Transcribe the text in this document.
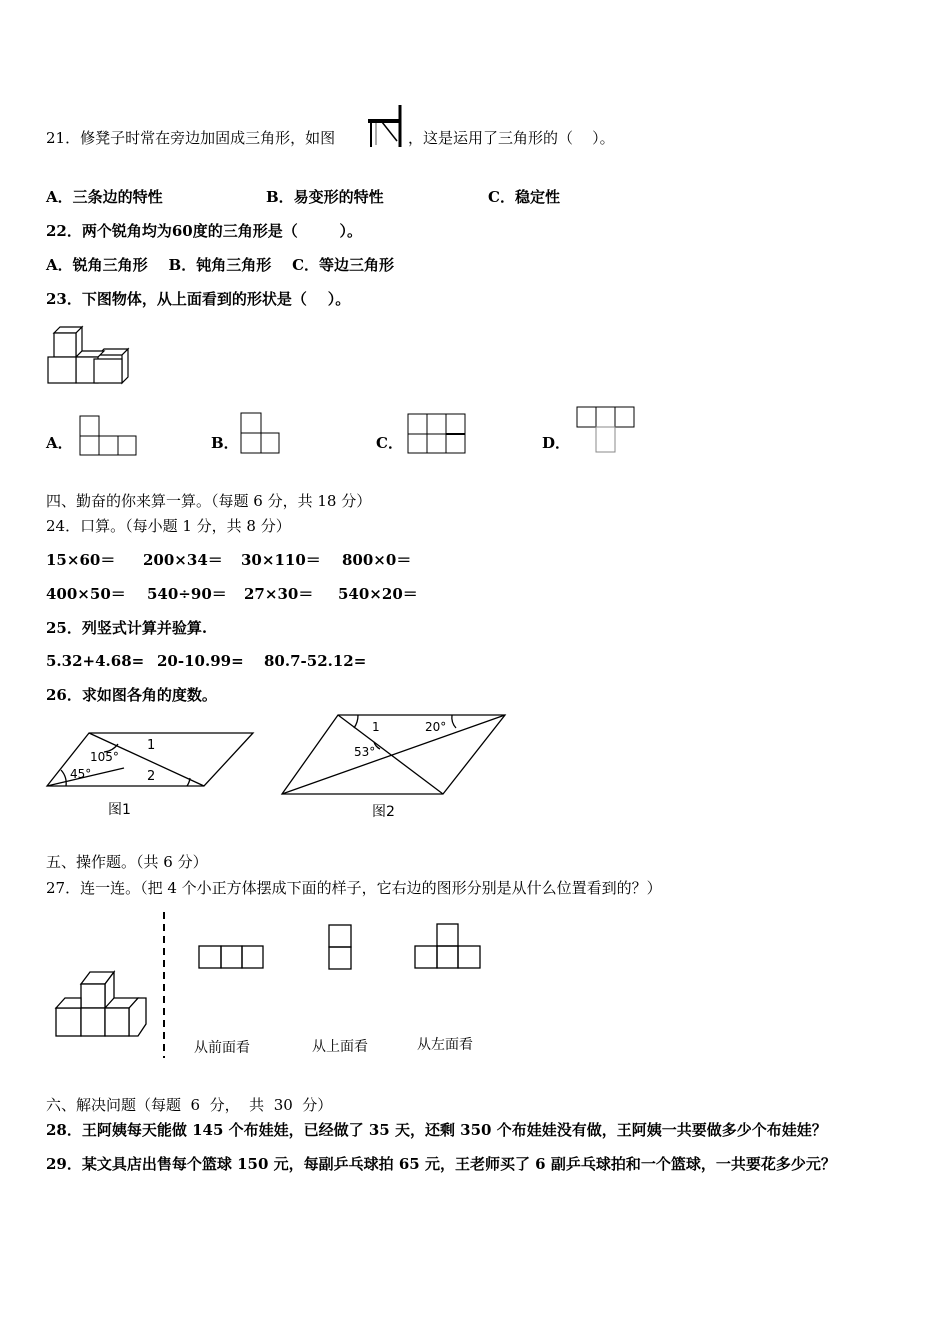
21．修凳子时常在旁边加固成三角形，如图	，这是运用了三角形的（    ）。
A．三条边的特性	B．易变形的特性	C．稳定性
22．两个锐角均为60度的三角形是（        ）。
A．锐角三角形    B．钝角三角形    C．等边三角形
23．下图物体，从上面看到的形状是（    ）。
A．	B．	C．	D．
四、勤奋的你来算一算。（每题 6 分，共 18 分）
24．口算。（每小题 1 分，共 8 分）
15×60＝ 200×34＝ 30×110＝ 800×0＝
400×50＝ 540÷90＝ 27×30＝ 540×20＝
25．列竖式计算并验算.
5.32+4.68= 20-10.99= 80.7-52.12=
26．求如图各角的度数。
105°
45°
1
2
图1
1	20°
53°
图2
五、操作题。（共 6 分）
27．连一连。（把 4 个小正方体摆成下面的样子，它右边的图形分别是从什么位置看到的？）
从前面看	从上面看	从左面看
六、解决问题（每题  6  分，  共  30  分）
28．王阿姨每天能做 145 个布娃娃，已经做了 35 天，还剩 350 个布娃娃没有做，王阿姨一共要做多少个布娃娃？
29．某文具店出售每个篮球 150 元，每副乒乓球拍 65 元，王老师买了 6 副乒乓球拍和一个篮球，一共要花多少元？
